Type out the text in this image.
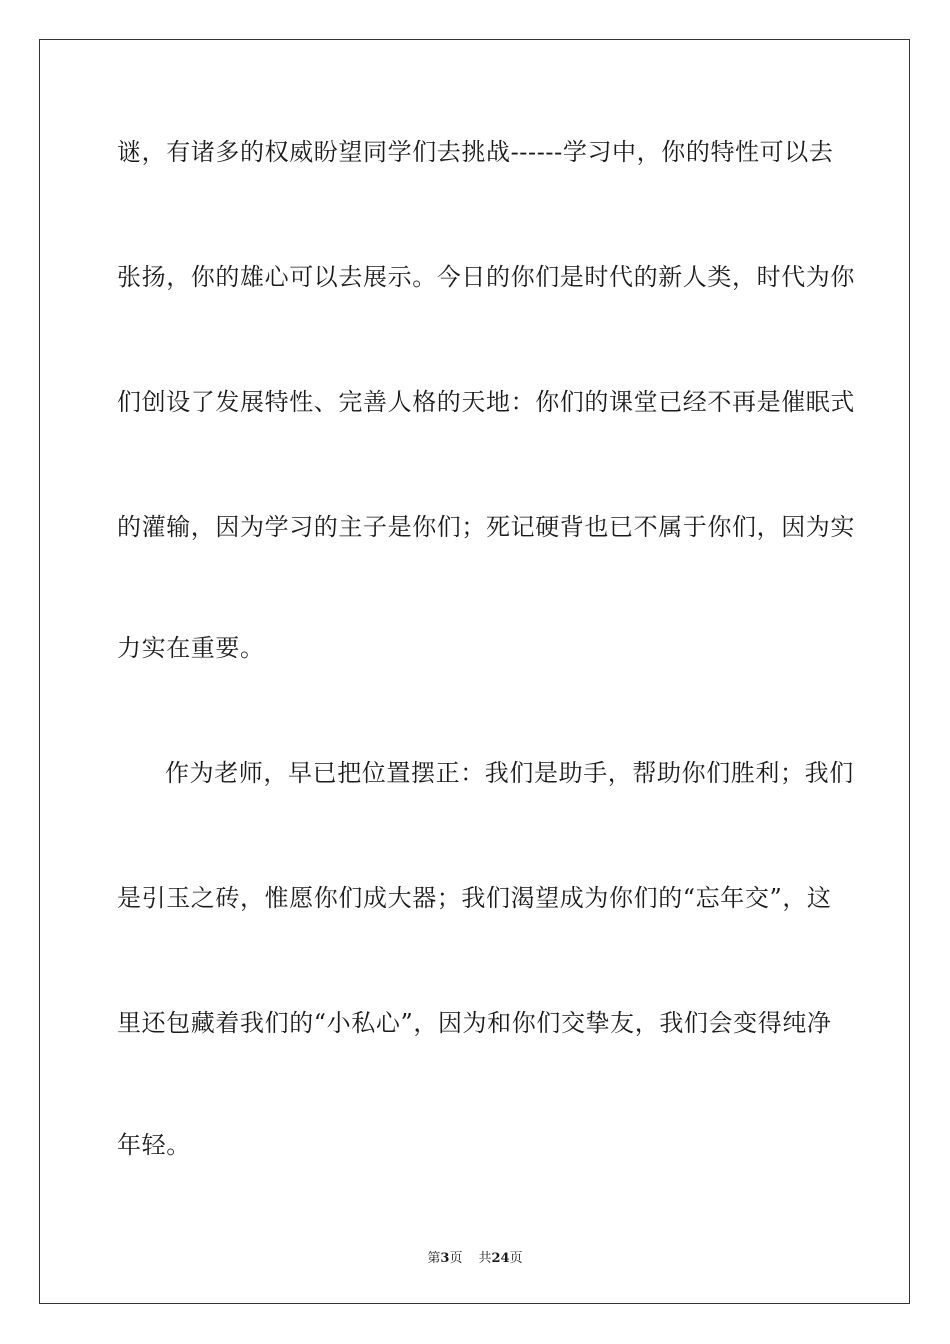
谜，有诸多的权威盼望同学们去挑战------学习中，你的特性可以去
张扬，你的雄心可以去展示。今日的你们是时代的新人类，时代为你
们创设了发展特性、完善人格的天地：你们的课堂已经不再是催眠式
的灌输，因为学习的主子是你们；死记硬背也已不属于你们，因为实
力实在重要。
作为老师，早已把位置摆正：我们是助手，帮助你们胜利；我们
是引玉之砖，惟愿你们成大器；我们渴望成为你们的“忘年交”，这
里还包藏着我们的“小私心”，因为和你们交挚友，我们会变得纯净
年轻。
第3页 共24页
